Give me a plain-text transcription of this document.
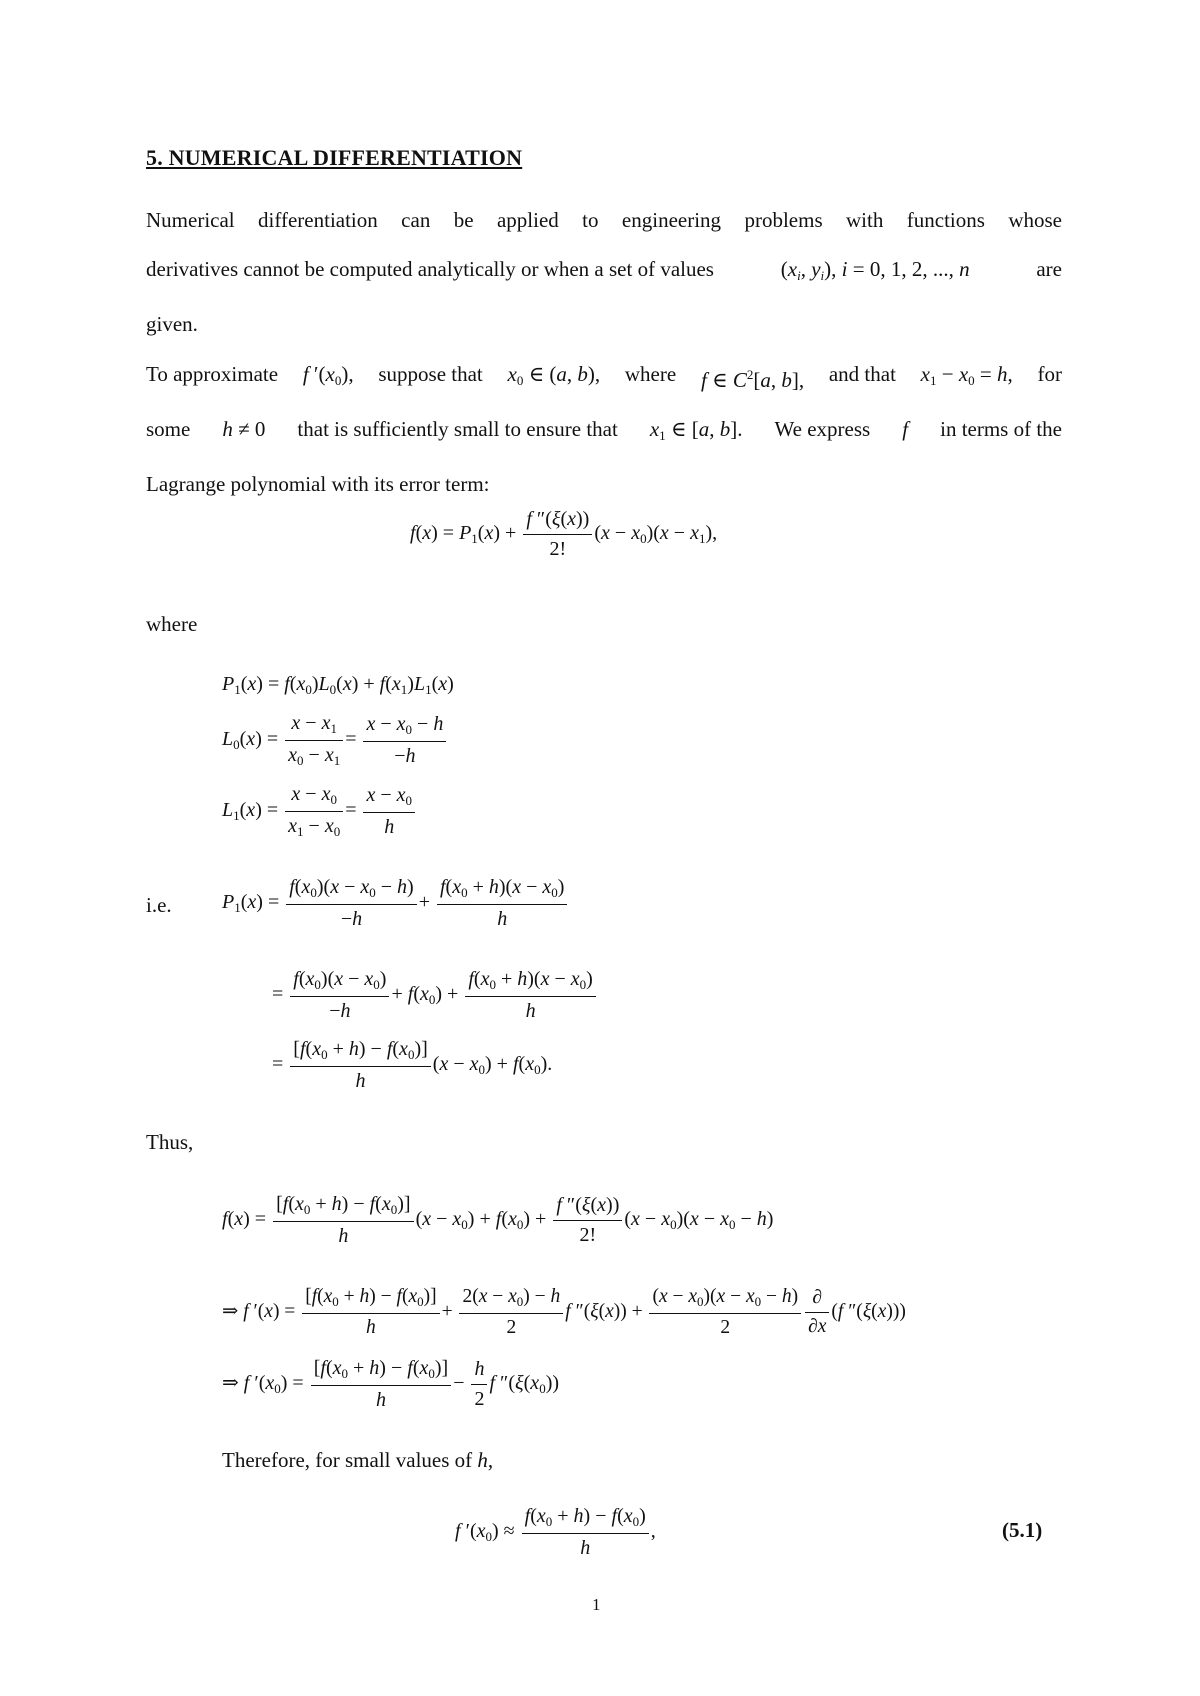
5. NUMERICAL DIFFERENTIATION
Numerical differentiation can be applied to engineering problems with functions whose
derivatives cannot be computed analytically or when a set of values	($x_i$, $y_i$), i = 0, 1, 2, ..., n	are
given.
To approximate f $'(x_0)$, suppose that $x_0$ ∈ (a, b), where f ∈ $C^2[a$, b], and that $x_1 - x_0 = h$, for
some h ≠ 0 that is sufficiently small to ensure that $x_1$ ∈ [a, b]. We express f in terms of the
Lagrange polynomial with its error term:
$f(x) = P_1(x) + \frac{f ''(\xi(x))}{2!} (x - x_0)(x - x_1)$,
where
$P_1(x) = f(x_0)L_0(x) + f(x_1)L_1(x)$
$L_0(x) = \frac{x - x_1}{x_0 - x_1} = \frac{x - x_0 - h}{-h}$
$L_1(x) = \frac{x - x_0}{x_1 - x_0} = \frac{x - x_0}{h}$
i.e.	$P_1(x) = \frac{f(x_0)(x - x_0 - h)}{-h} + \frac{f(x_0 + h)(x - x_0)}{h}$
= $\frac{f(x_0)(x - x_0)}{-h} + f(x_0) + \frac{f(x_0 + h)(x - x_0)}{h}$
= $\frac{[f(x_0 + h) - f(x_0)]}{h} (x - x_0) + f(x_0)$.
Thus,
$f(x) = \frac{[f(x_0 + h) - f(x_0)]}{h} (x - x_0) + f(x_0) + \frac{f ''(\xi(x))}{2!} (x - x_0)(x - x_0 - h)$
⇒ f $'(x) = \frac{[f(x_0 + h) - f(x_0)]}{h} + \frac{2(x - x_0) - h}{2}$ f $''(\xi(x)) + \frac{(x - x_0)(x - x_0 - h)}{2} \frac{\partial}{\partial x} (f$ ″(ξ(x)))
⇒ f $'(x_0) = \frac{[f(x_0 + h) - f(x_0)]}{h} - \frac{h}{2}$ f $''(\xi(x_0))$
Therefore, for small values of h,
f $'(x_0) \approx \frac{f(x_0 + h) - f(x_0)}{h}$ ,	(5.1)
1
